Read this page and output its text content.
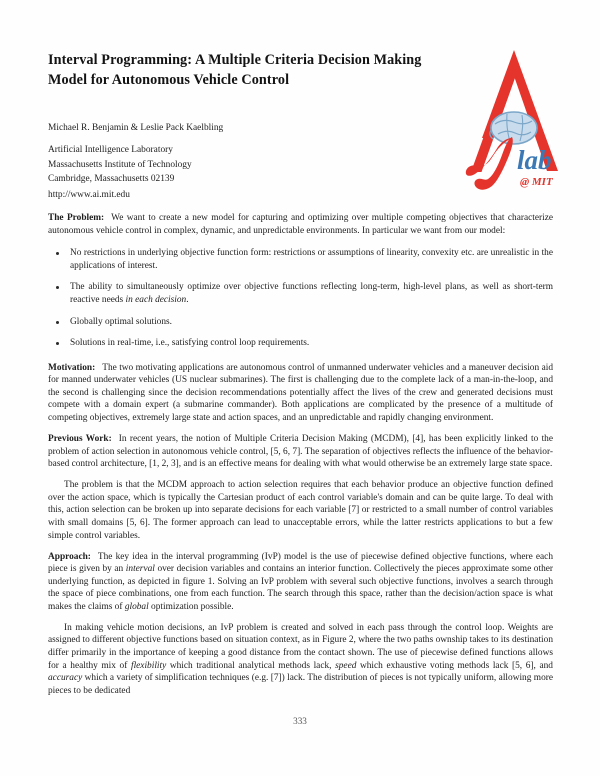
lab
@ MIT
Interval Programming: A Multiple Criteria Decision Making Model for Autonomous Vehicle Control
Michael R. Benjamin & Leslie Pack Kaelbling
Artificial Intelligence Laboratory
Massachusetts Institute of Technology
Cambridge, Massachusetts 02139
http://www.ai.mit.edu

The Problem: We want to create a new model for capturing and optimizing over multiple competing objectives that characterize autonomous vehicle control in complex, dynamic, and unpredictable environments. In particular we want from our model:

No restrictions in underlying objective function form: restrictions or assumptions of linearity, convexity etc. are unrealistic in the applications of interest.
The ability to simultaneously optimize over objective functions reflecting long-term, high-level plans, as well as short-term reactive needs in each decision.
Globally optimal solutions.
Solutions in real-time, i.e., satisfying control loop requirements.

Motivation: The two motivating applications are autonomous control of unmanned underwater vehicles and a maneuver decision aid for manned underwater vehicles (US nuclear submarines). The first is challenging due to the complete lack of a man-in-the-loop, and the second is challenging since the decision recommendations potentially affect the lives of the crew and generated decisions must compete with a domain expert (a submarine commander). Both applications are complicated by the presence of a multitude of competing objectives, extremely large state and action spaces, and an unpredictable and rapidly changing environment.

Previous Work: In recent years, the notion of Multiple Criteria Decision Making (MCDM), [4], has been explicitly linked to the problem of action selection in autonomous vehicle control, [5, 6, 7]. The separation of objectives reflects the influence of the behavior-based control architecture, [1, 2, 3], and is an effective means for dealing with what would otherwise be an extremely large state space.

The problem is that the MCDM approach to action selection requires that each behavior produce an objective function defined over the action space, which is typically the Cartesian product of each control variable's domain and can be quite large. To deal with this, action selection can be broken up into separate decisions for each variable [7] or restricted to a small number of control variables with small domains [5, 6]. The former approach can lead to unacceptable errors, while the latter restricts applications to but a few simple control variables.

Approach: The key idea in the interval programming (IvP) model is the use of piecewise defined objective functions, where each piece is given by an interval over decision variables and contains an interior function. Collectively the pieces approximate some other underlying function, as depicted in figure 1. Solving an IvP problem with several such objective functions, involves a search through the space of piece combinations, one from each function. The search through this space, rather than the decision/action space is what makes the claims of global optimization possible.

In making vehicle motion decisions, an IvP problem is created and solved in each pass through the control loop. Weights are assigned to different objective functions based on situation context, as in Figure 2, where the two paths ownship takes to its destination differ primarily in the importance of keeping a good distance from the contact shown. The use of piecewise defined functions allows for a healthy mix of flexibility which traditional analytical methods lack, speed which exhaustive voting methods lack [5, 6], and accuracy which a variety of simplification techniques (e.g. [7]) lack. The distribution of pieces is not typically uniform, allowing more pieces to be dedicated

333
